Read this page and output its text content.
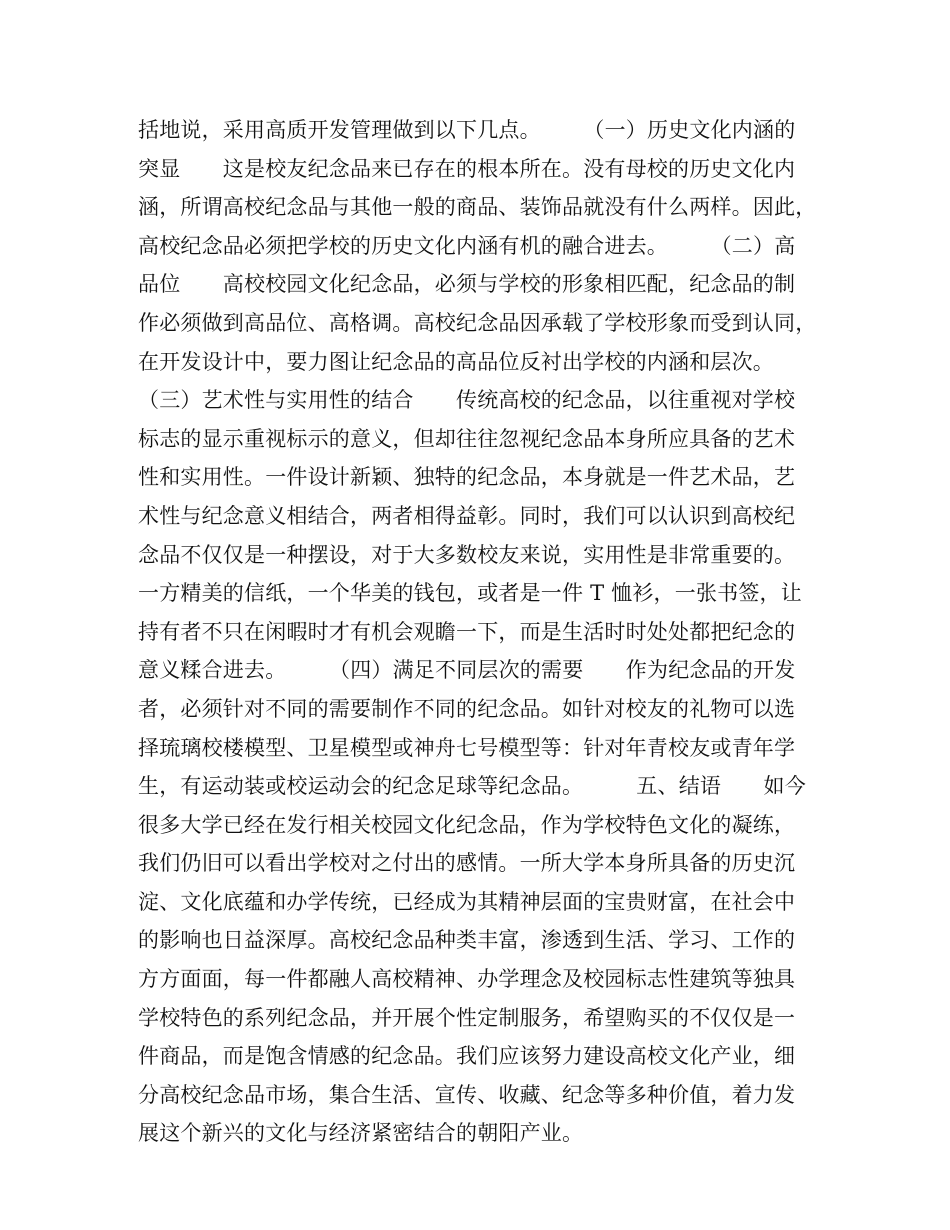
括地说，采用高质开发管理做到以下几点。　　　（一）历史文化内涵的
突显　　这是校友纪念品来已存在的根本所在。没有母校的历史文化内
涵，所谓高校纪念品与其他一般的商品、装饰品就没有什么两样。因此，
高校纪念品必须把学校的历史文化内涵有机的融合进去。　　　（二）高
品位　　高校校园文化纪念品，必须与学校的形象相匹配，纪念品的制
作必须做到高品位、高格调。高校纪念品因承载了学校形象而受到认同，
在开发设计中，要力图让纪念品的高品位反衬出学校的内涵和层次。
（三）艺术性与实用性的结合　　传统高校的纪念品，以往重视对学校
标志的显示重视标示的意义，但却往往忽视纪念品本身所应具备的艺术
性和实用性。一件设计新颖、独特的纪念品，本身就是一件艺术品，艺
术性与纪念意义相结合，两者相得益彰。同时，我们可以认识到高校纪
念品不仅仅是一种摆设，对于大多数校友来说，实用性是非常重要的。
一方精美的信纸，一个华美的钱包，或者是一件 T 恤衫，一张书签，让
持有者不只在闲暇时才有机会观瞻一下，而是生活时时处处都把纪念的
意义糅合进去。　　　（四）满足不同层次的需要　　作为纪念品的开发
者，必须针对不同的需要制作不同的纪念品。如针对校友的礼物可以选
择琉璃校楼模型、卫星模型或神舟七号模型等：针对年青校友或青年学
生，有运动装或校运动会的纪念足球等纪念品。　　　五、结语　　如今
很多大学已经在发行相关校园文化纪念品，作为学校特色文化的凝练，
我们仍旧可以看出学校对之付出的感情。一所大学本身所具备的历史沉
淀、文化底蕴和办学传统，已经成为其精神层面的宝贵财富，在社会中
的影响也日益深厚。高校纪念品种类丰富，渗透到生活、学习、工作的
方方面面，每一件都融人高校精神、办学理念及校园标志性建筑等独具
学校特色的系列纪念品，并开展个性定制服务，希望购买的不仅仅是一
件商品，而是饱含情感的纪念品。我们应该努力建设高校文化产业，细
分高校纪念品市场，集合生活、宣传、收藏、纪念等多种价值，着力发
展这个新兴的文化与经济紧密结合的朝阳产业。
